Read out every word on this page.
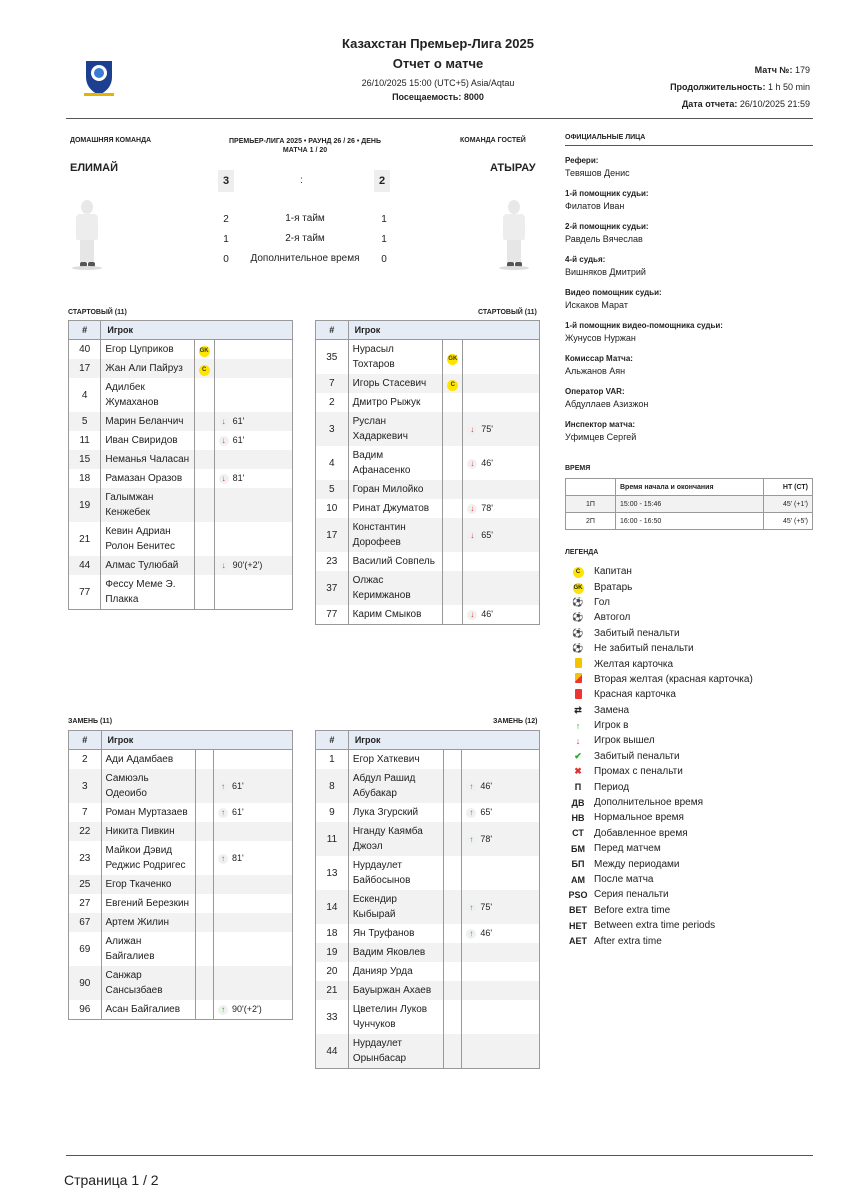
Казахстан Премьер-Лига 2025
Отчет о матче
26/10/2025 15:00 (UTC+5) Asia/Aqtau
Посещаемость: 8000
Матч №: 179
Продолжительность: 1 h 50 min
Дата отчета: 26/10/2025 21:59
ДОМАШНЯЯ КОМАНДА	КОМАНДА ГОСТЕЙ
ПРЕМЬЕР-ЛИГА 2025 • РАУНД 26 / 26 • ДЕНЬ
МАТЧА 1 / 20
ЕЛИМАЙ	АТЫРАУ
3	:	2
2	1-я тайм	1
1	2-я тайм	1
0	Дополнительное время	0
СТАРТОВЫЙ (11)	СТАРТОВЫЙ (11)
ЗАМЕНЬ (11)	ЗАМЕНЬ (12)
#	Игрок		
40	Егор Цуприков	GK	
17	Жан Али Пайруз	C	
4	Адилбек Жумаханов		
5	Марин Беланчич		↓ 61'
11	Иван Свиридов		↓ 61'
15	Неманья Чаласан		
18	Рамазан Оразов		↓ 81'
19	Галымжан Кенжебек		
21	Кевин Адриан Ролон Бенитес		
44	Алмас Тулюбай		↓ 90'(+2')
77	Фессу Меме Э. Плакка		
#	Игрок		
35	Нурасыл Тохтаров	GK	
7	Игорь Стасевич	C	
2	Дмитро Рыжук		
3	Руслан Хадаркевич		↓ 75'
4	Вадим Афанасенко		↓ 46'
5	Горан Милойко		
10	Ринат Джуматов		↓ 78'
17	Константин Дорофеев		↓ 65'
23	Василий Совпель		
37	Олжас Керимжанов		
77	Карим Смыков		↓ 46'
#	Игрок		
2	Ади Адамбаев		
3	Самюэль Одеоибо		↑ 61'
7	Роман Муртазаев		↑ 61'
22	Никита Пивкин		
23	Майкои Дэвид Реджис Родригес		↑ 81'
25	Егор Ткаченко		
27	Евгений Березкин		
67	Артем Жилин		
69	Алижан Байгалиев		
90	Санжар Сансызбаев		
96	Асан Байгалиев		↑ 90'(+2')
#	Игрок		
1	Егор Хаткевич		
8	Абдул Рашид Абубакар		↑ 46'
9	Лука Згурский		↑ 65'
11	Нганду Каямба Джоэл		↑ 78'
13	Нурдаулет Байбосынов		
14	Ескендир Кыбырай		↑ 75'
18	Ян Труфанов		↑ 46'
19	Вадим Яковлев		
20	Данияр Урда		
21	Бауыржан Ахаев		
33	Цветелин Луков Чунчуков		
44	Нурдаулет Орынбасар		
ОФИЦИАЛЬНЫЕ ЛИЦА
Рефери:
Тевяшов Денис
1-й помощник судьи:
Филатов Иван
2-й помощник судьи:
Равдель Вячеслав
4-й судья:
Вишняков Дмитрий
Видео помощник судьи:
Искаков Марат
1-й помощник видео-помощника судьи:
Жунусов Нуржан
Комиссар Матча:
Альжанов Аян
Оператор VAR:
Абдуллаев Азизжон
Инспектор матча:
Уфимцев Сергей
ВРЕМЯ
	Время начала и окончания	НТ (СТ)
1П	15:00 - 15:46	45' (+1')
2П	16:00 - 16:50	45' (+5')
ЛЕГЕНДА
C	Капитан
GK	Вратарь
⚽	Гол
⚽	Автогол
⚽	Забитый пенальти
⚽	Не забитый пенальти
Желтая карточка
Вторая желтая (красная карточка)
Красная карточка
⇄	Замена
↑	Игрок в
↓	Игрок вышел
✔	Забитый пенальти
✖	Промах с пенальти
П	Период
ДВ Дополнительное время
НВ Нормальное время
СТ	Добавленное время
БМ Перед матчем
БП Между периодами
АМ После матча
PSO Серия пенальти
BET Before extra time
HET Between extra time periods
AET After extra time
Страница 1 / 2
